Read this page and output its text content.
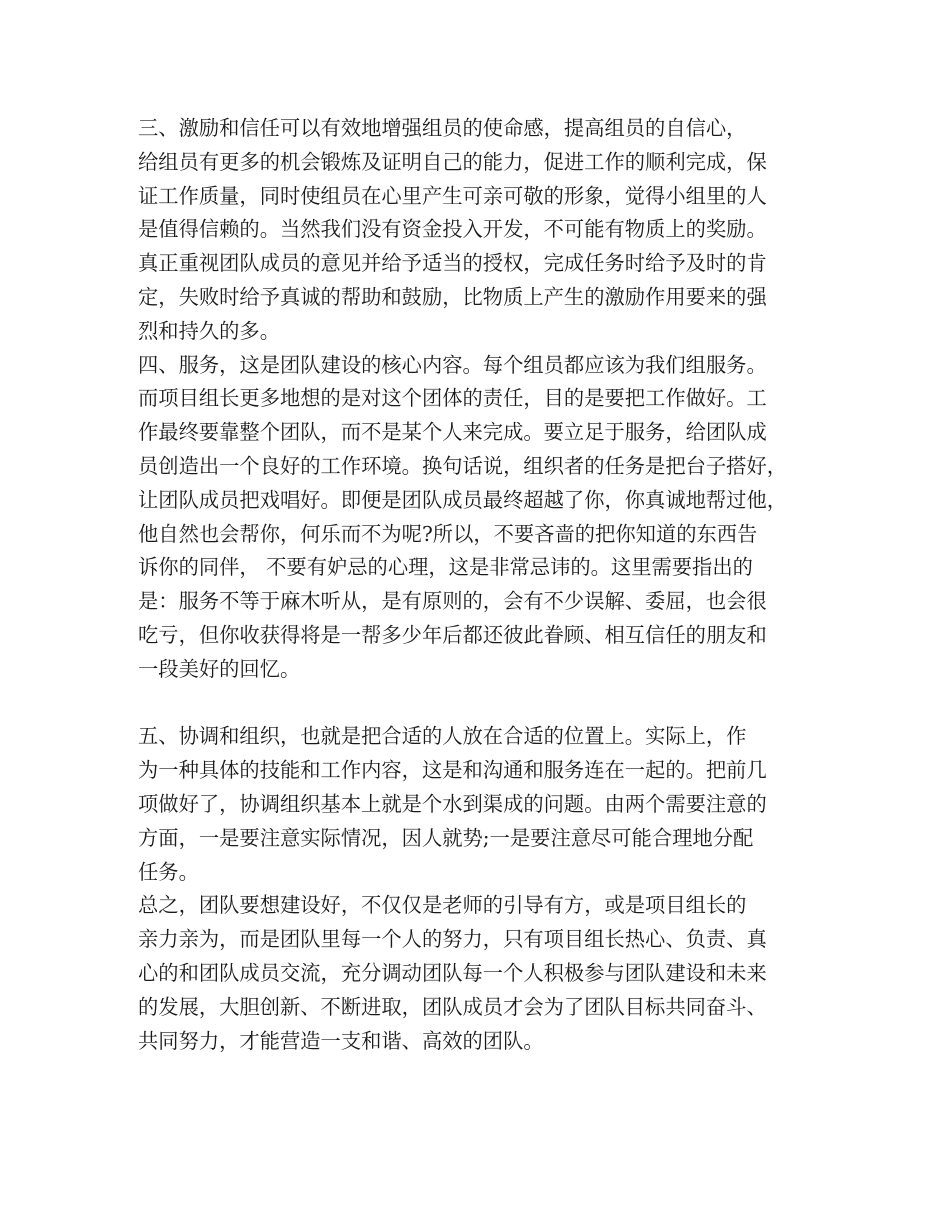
三、激励和信任可以有效地增强组员的使命感，提高组员的自信心，
给组员有更多的机会锻炼及证明自己的能力，促进工作的顺利完成，保
证工作质量，同时使组员在心里产生可亲可敬的形象，觉得小组里的人
是值得信赖的。当然我们没有资金投入开发，不可能有物质上的奖励。
真正重视团队成员的意见并给予适当的授权，完成任务时给予及时的肯
定，失败时给予真诚的帮助和鼓励，比物质上产生的激励作用要来的强
烈和持久的多。
四、服务，这是团队建设的核心内容。每个组员都应该为我们组服务。
而项目组长更多地想的是对这个团体的责任，目的是要把工作做好。工
作最终要靠整个团队，而不是某个人来完成。要立足于服务，给团队成
员创造出一个良好的工作环境。换句话说，组织者的任务是把台子搭好，
让团队成员把戏唱好。即便是团队成员最终超越了你，你真诚地帮过他，
他自然也会帮你，何乐而不为呢?所以，不要吝啬的把你知道的东西告
诉你的同伴， 不要有妒忌的心理，这是非常忌讳的。这里需要指出的
是：服务不等于麻木听从，是有原则的，会有不少误解、委屈，也会很
吃亏，但你收获得将是一帮多少年后都还彼此眷顾、相互信任的朋友和
一段美好的回忆。
五、协调和组织，也就是把合适的人放在合适的位置上。实际上，作
为一种具体的技能和工作内容，这是和沟通和服务连在一起的。把前几
项做好了，协调组织基本上就是个水到渠成的问题。由两个需要注意的
方面，一是要注意实际情况，因人就势;一是要注意尽可能合理地分配
任务。
总之，团队要想建设好，不仅仅是老师的引导有方，或是项目组长的
亲力亲为，而是团队里每一个人的努力，只有项目组长热心、负责、真
心的和团队成员交流，充分调动团队每一个人积极参与团队建设和未来
的发展，大胆创新、不断进取，团队成员才会为了团队目标共同奋斗、
共同努力，才能营造一支和谐、高效的团队。
